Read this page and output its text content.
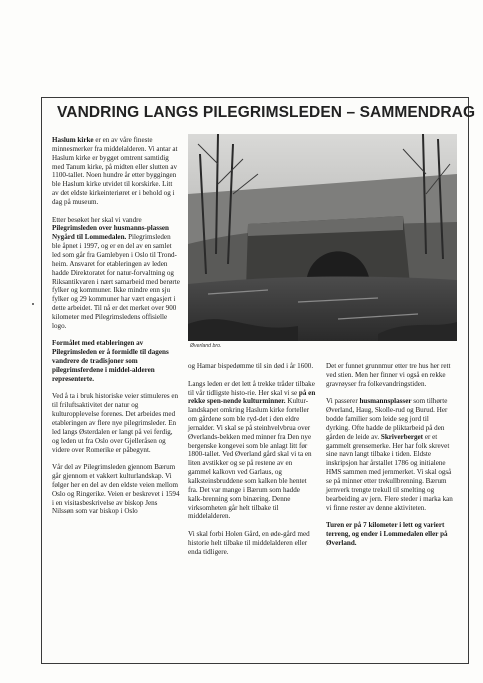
VANDRING LANGS PILEGRIMSLEDEN – SAMMENDRAG
Øverland bro.

Haslum kirke er en av våre fineste minnesmerker fra middelalderen. Vi antar at Haslum kirke er bygget omtrent samtidig med Tanum kirke, på midten eller slutten av 1100-tallet. Noen hundre år etter byggingen ble Haslum kirke utvidet til korskirke. Litt av det eldste kirkeinteriøret er i behold og i dag på museum.

Etter besøket her skal vi vandre Pilegrimsleden over husmanns-plassen Nygård til Lommedalen. Pilegrimsleden ble åpnet i 1997, og er en del av en samlet led som går fra Gamlebyen i Oslo til Trond-heim. Ansvaret for etableringen av leden hadde Direktoratet for natur-forvaltning og Riksantikvaren i nært samarbeid med berørte fylker og kommuner. Ikke mindre enn sju fylker og 29 kommuner har vært engasjert i dette arbeidet. Til nå er det merket over 900 kilometer med Pilegrimsledens offisielle logo.

Formålet med etableringen av Pilegrimsleden er å formidle til dagens vandrere de tradisjoner som pilegrimsferdene i middel-alderen representerte.

Ved å ta i bruk historiske veier stimuleres en til friluftsaktivitet der natur og kulturopplevelse forenes. Det arbeides med etableringen av flere nye pilegrimsleder. En led langs Østerdalen er langt på vei ferdig, og leden ut fra Oslo over Gjelleråsen og videre over Romerike er påbegynt.

Vår del av Pilegrimsleden gjennom Bærum går gjennom et vakkert kulturlandskap. Vi følger her en del av den eldste veien mellom Oslo og Ringerike. Veien er beskrevet i 1594 i en visitasbeskrivelse av biskop Jens Nilssøn som var biskop i Oslo

og Hamar bispedømme til sin død i år 1600.

Langs leden er det lett å trekke tråder tilbake til vår tidligste histo-rie. Her skal vi se på en rekke spen-nende kulturminner. Kultur-landskapet omkring Haslum kirke forteller om gårdene som ble ryd-det i den eldre jernalder. Vi skal se på steinhvelvbrua over Øverlands-bekken med minner fra Den nye bergenske kongevei som ble anlagt litt før 1800-tallet. Ved Øverland gård skal vi ta en liten avstikker og se på restene av en gammel kalkovn ved Garlaus, og kalksteinsbruddene som kalken ble hentet fra. Det var mange i Bærum som hadde kalk-brenning som binæring. Denne virksomheten går helt tilbake til middelalderen.

Vi skal forbi Holen Gård, en øde-gård med historie helt tilbake til middelalderen eller enda tidligere.

Det er funnet grunnmur etter tre hus her rett ved stien. Men her finner vi også en rekke gravrøyser fra folkevandringstiden.

Vi passerer husmannsplasser som tilhørte Øverland, Haug, Skolle-rud og Burud. Her bodde familier som leide seg jord til dyrking. Ofte hadde de pliktarbeid på den gården de leide av. Skriverberget er et gammelt grensemerke. Her har folk skrevet sine navn langt tilbake i tiden. Eldste inskripsjon har årstallet 1786 og initialene HMS sammen med jernmerket. Vi skal også se på minner etter trekullbrenning. Bærum jernverk trengte trekull til smelting og bearbeiding av jern. Flere steder i marka kan vi finne rester av denne aktiviteten.

Turen er på 7 kilometer i lett og variert terreng, og ender i Lommedalen eller på Øverland.
